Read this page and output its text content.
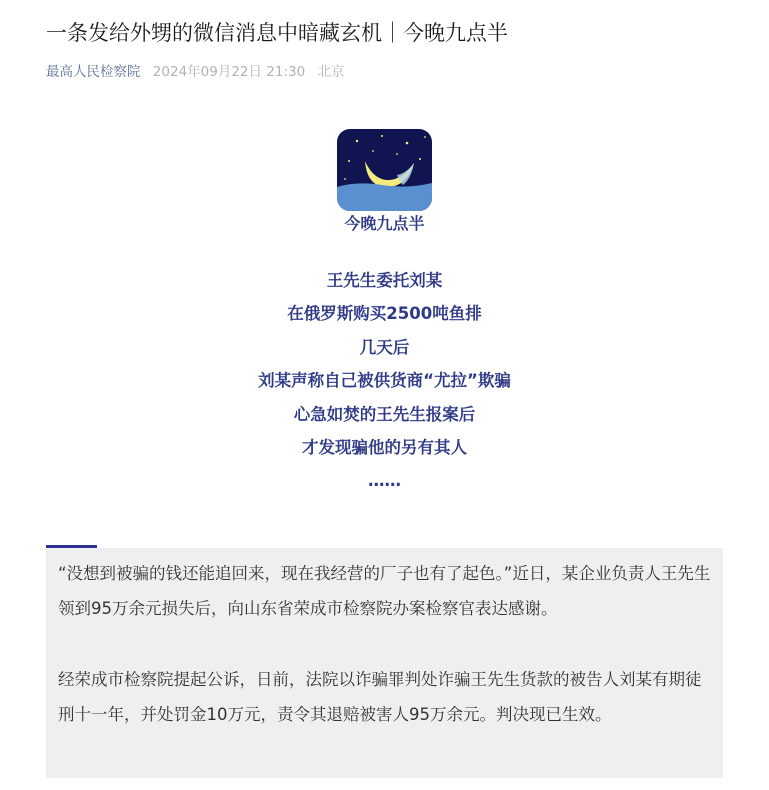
一条发给外甥的微信消息中暗藏玄机｜今晚九点半
最高人民检察院 2024年09月22日 21:30 北京
今晚九点半
王先生委托刘某
在俄罗斯购买2500吨鱼排
几天后
刘某声称自己被供货商“尤拉”欺骗
心急如焚的王先生报案后
才发现骗他的另有其人
……

“没想到被骗的钱还能追回来，现在我经营的厂子也有了起色。”近日，某企业负责人王先生领到95万余元损失后，向山东省荣成市检察院办案检察官表达感谢。

经荣成市检察院提起公诉，日前，法院以诈骗罪判处诈骗王先生货款的被告人刘某有期徒刑十一年，并处罚金10万元，责令其退赔被害人95万余元。判决现已生效。
